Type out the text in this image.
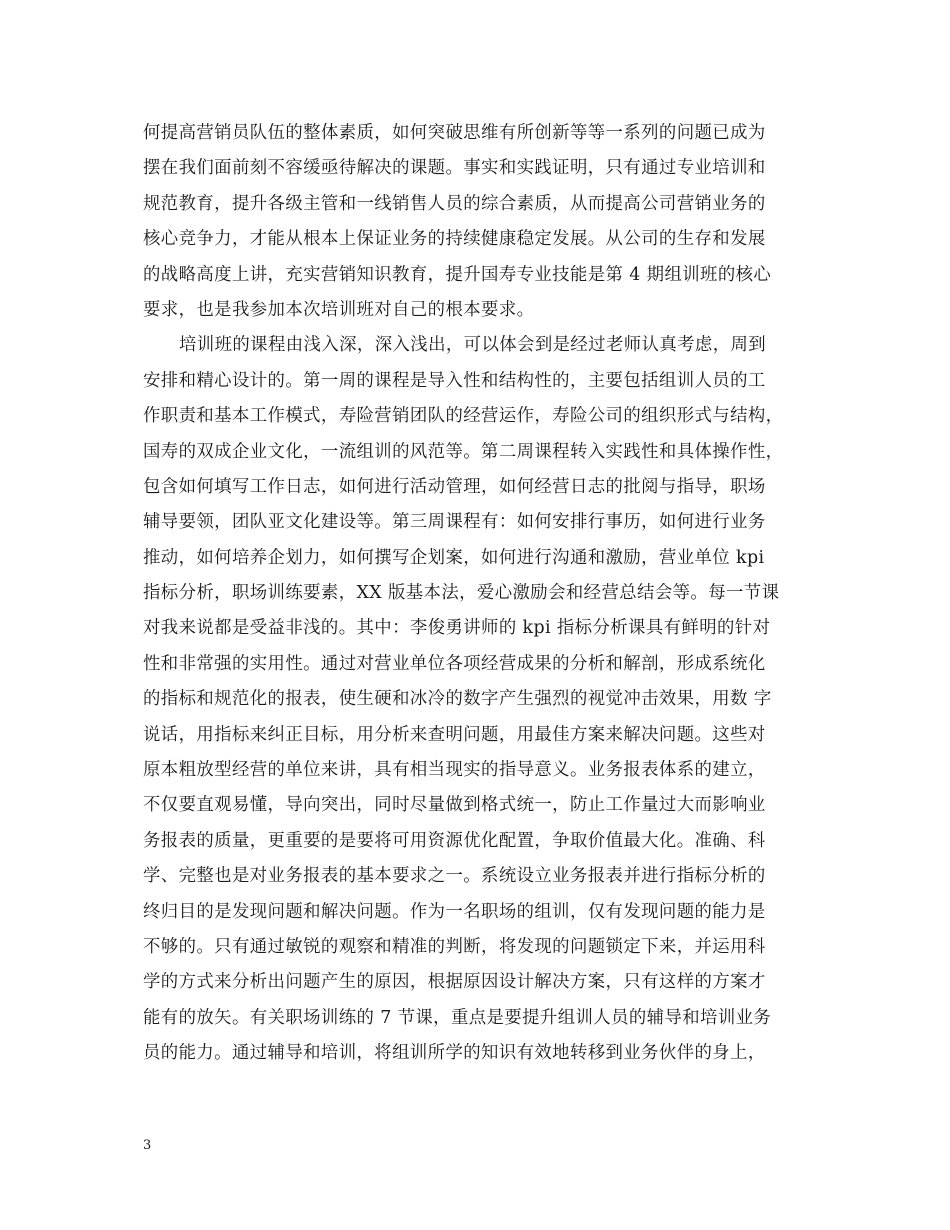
何提高营销员队伍的整体素质，如何突破思维有所创新等等一系列的问题已成为
摆在我们面前刻不容缓亟待解决的课题。事实和实践证明，只有通过专业培训和
规范教育，提升各级主管和一线销售人员的综合素质，从而提高公司营销业务的
核心竞争力，才能从根本上保证业务的持续健康稳定发展。从公司的生存和发展
的战略高度上讲，充实营销知识教育，提升国寿专业技能是第 4 期组训班的核心
要求，也是我参加本次培训班对自己的根本要求。
培训班的课程由浅入深，深入浅出，可以体会到是经过老师认真考虑，周到
安排和精心设计的。第一周的课程是导入性和结构性的，主要包括组训人员的工
作职责和基本工作模式，寿险营销团队的经营运作，寿险公司的组织形式与结构，
国寿的双成企业文化，一流组训的风范等。第二周课程转入实践性和具体操作性，
包含如何填写工作日志，如何进行活动管理，如何经营日志的批阅与指导，职场
辅导要领，团队亚文化建设等。第三周课程有：如何安排行事历，如何进行业务
推动，如何培养企划力，如何撰写企划案，如何进行沟通和激励，营业单位 kpi
指标分析，职场训练要素，XX 版基本法，爱心激励会和经营总结会等。每一节课
对我来说都是受益非浅的。其中：李俊勇讲师的 kpi 指标分析课具有鲜明的针对
性和非常强的实用性。通过对营业单位各项经营成果的分析和解剖，形成系统化
的指标和规范化的报表，使生硬和冰冷的数字产生强烈的视觉冲击效果，用数 字
说话，用指标来纠正目标，用分析来查明问题，用最佳方案来解决问题。这些对
原本粗放型经营的单位来讲，具有相当现实的指导意义。业务报表体系的建立，
不仅要直观易懂，导向突出，同时尽量做到格式统一，防止工作量过大而影响业
务报表的质量，更重要的是要将可用资源优化配置，争取价值最大化。准确、科
学、完整也是对业务报表的基本要求之一。系统设立业务报表并进行指标分析的
终归目的是发现问题和解决问题。作为一名职场的组训，仅有发现问题的能力是
不够的。只有通过敏锐的观察和精准的判断，将发现的问题锁定下来，并运用科
学的方式来分析出问题产生的原因，根据原因设计解决方案，只有这样的方案才
能有的放矢。有关职场训练的 7 节课，重点是要提升组训人员的辅导和培训业务
员的能力。通过辅导和培训，将组训所学的知识有效地转移到业务伙伴的身上，
3
